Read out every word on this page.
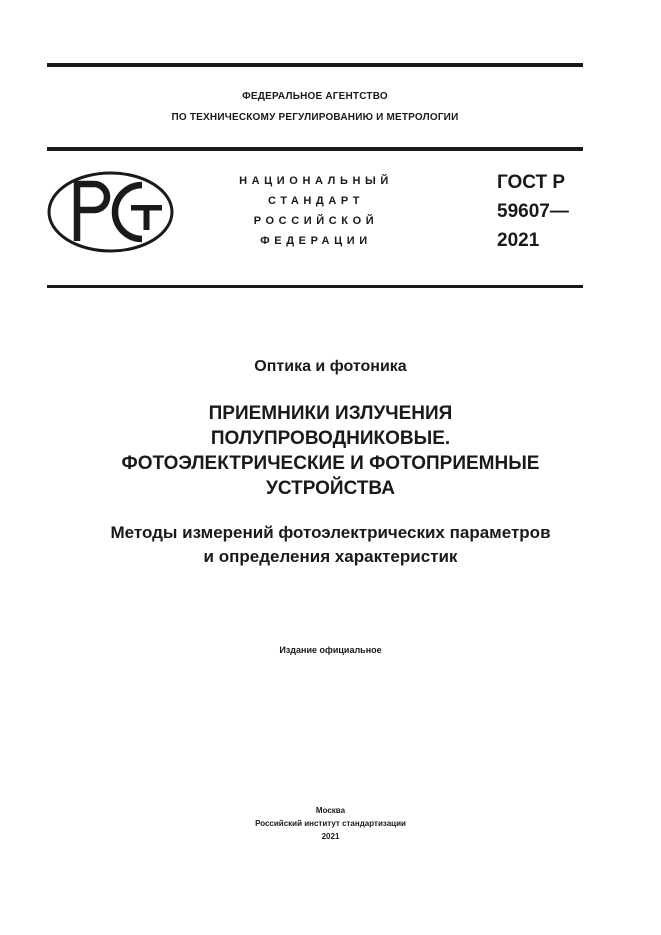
ФЕДЕРАЛЬНОЕ АГЕНТСТВО
ПО ТЕХНИЧЕСКОМУ РЕГУЛИРОВАНИЮ И МЕТРОЛОГИИ
НАЦИОНАЛЬНЫЙ
СТАНДАРТ
РОССИЙСКОЙ
ФЕДЕРАЦИИ
ГОСТ Р
59607—
2021
Оптика и фотоника
ПРИЕМНИКИ ИЗЛУЧЕНИЯ
ПОЛУПРОВОДНИКОВЫЕ.
ФОТОЭЛЕКТРИЧЕСКИЕ И ФОТОПРИЕМНЫЕ
УСТРОЙСТВА
Методы измерений фотоэлектрических параметров
и определения характеристик
Издание официальное
Москва
Российский институт стандартизации
2021
